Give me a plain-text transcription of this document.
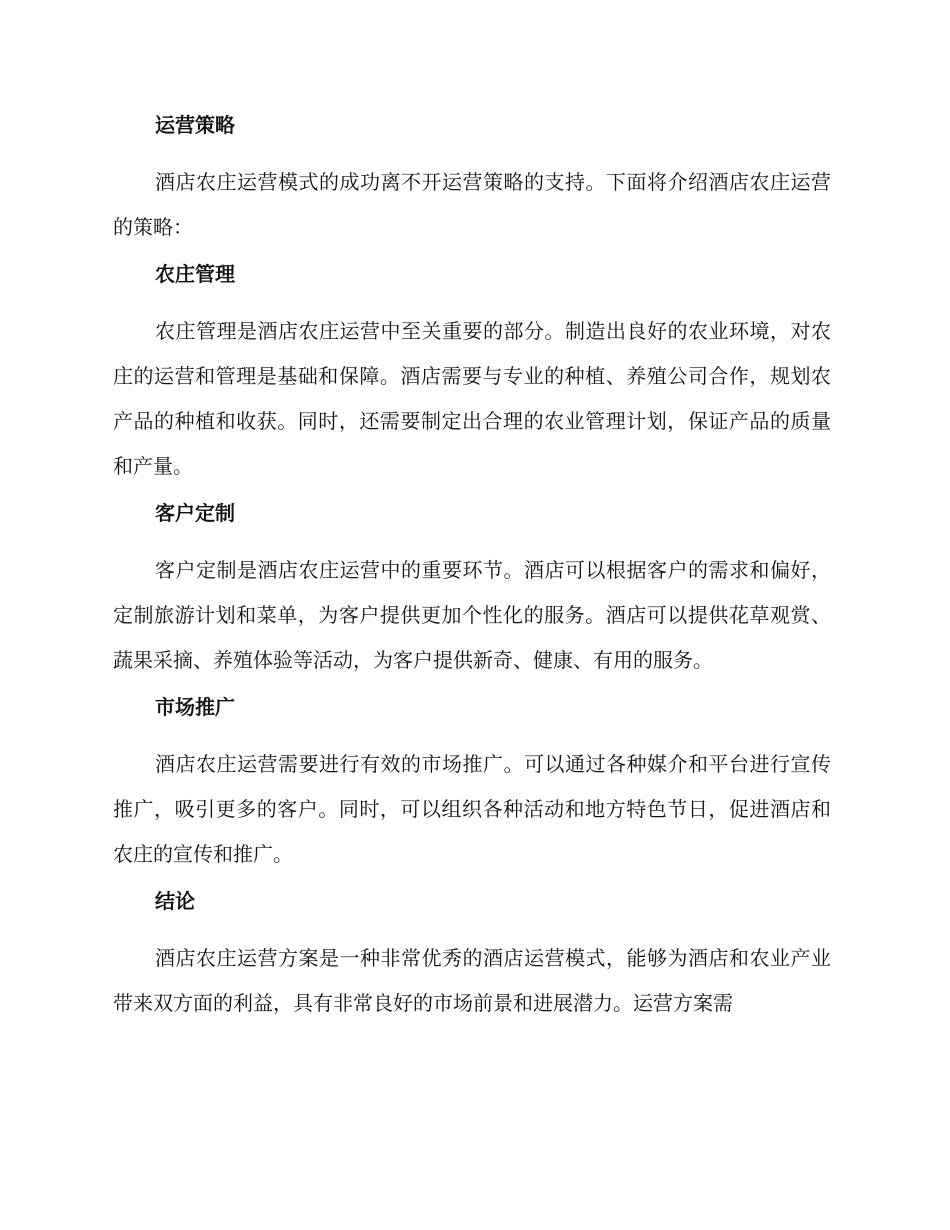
运营策略

酒店农庄运营模式的成功离不开运营策略的支持。下面将介绍酒店农庄运营的策略：

农庄管理

农庄管理是酒店农庄运营中至关重要的部分。制造出良好的农业环境，对农庄的运营和管理是基础和保障。酒店需要与专业的种植、养殖公司合作，规划农产品的种植和收获。同时，还需要制定出合理的农业管理计划，保证产品的质量和产量。

客户定制

客户定制是酒店农庄运营中的重要环节。酒店可以根据客户的需求和偏好，定制旅游计划和菜单，为客户提供更加个性化的服务。酒店可以提供花草观赏、蔬果采摘、养殖体验等活动，为客户提供新奇、健康、有用的服务。

市场推广

酒店农庄运营需要进行有效的市场推广。可以通过各种媒介和平台进行宣传推广，吸引更多的客户。同时，可以组织各种活动和地方特色节日，促进酒店和农庄的宣传和推广。

结论

酒店农庄运营方案是一种非常优秀的酒店运营模式，能够为酒店和农业产业带来双方面的利益，具有非常良好的市场前景和进展潜力。运营方案需
